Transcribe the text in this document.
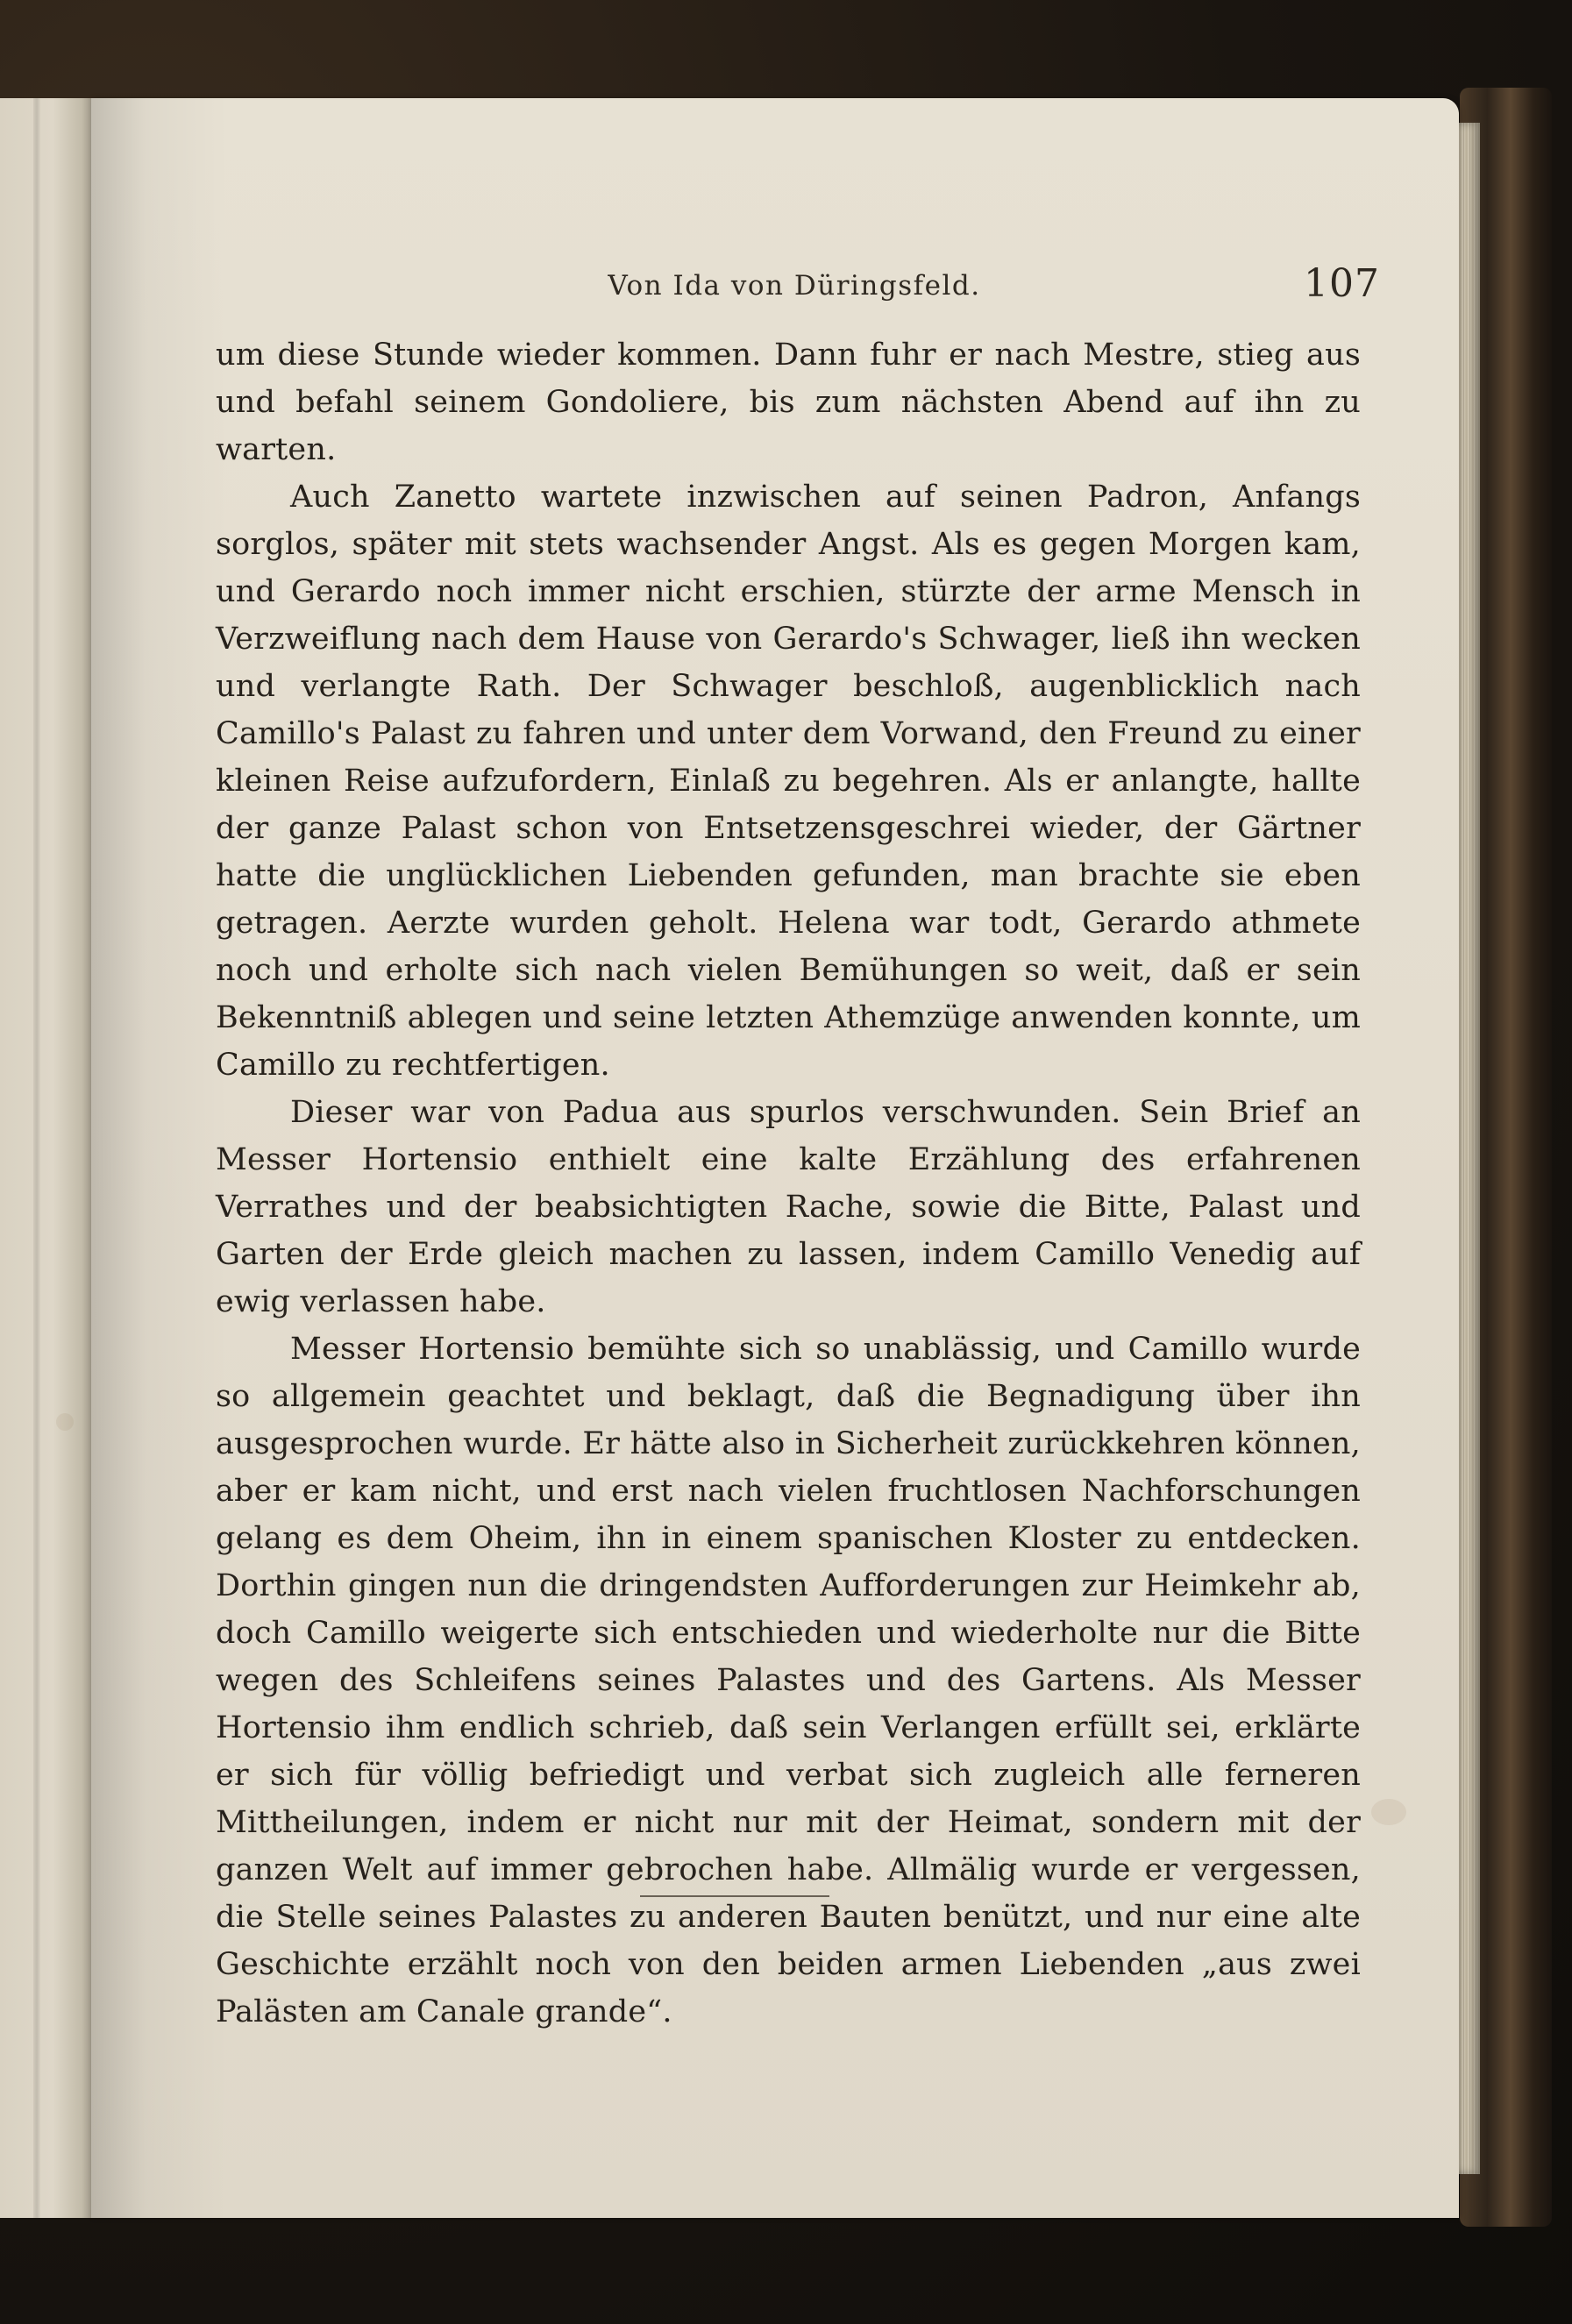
Von Ida von Düringsfeld.	107

um diese Stunde wieder kommen. Dann fuhr er nach Mestre, stieg aus und befahl seinem Gondoliere, bis zum nächsten Abend auf ihn zu warten.

Auch Zanetto wartete inzwischen auf seinen Padron, Anfangs sorglos, später mit stets wachsender Angst. Als es gegen Morgen kam, und Gerardo noch immer nicht erschien, stürzte der arme Mensch in Verzweiflung nach dem Hause von Gerardo's Schwager, ließ ihn wecken und verlangte Rath. Der Schwager beschloß, augenblicklich nach Camillo's Palast zu fahren und unter dem Vorwand, den Freund zu einer kleinen Reise aufzufordern, Einlaß zu begehren. Als er anlangte, hallte der ganze Palast schon von Entsetzensgeschrei wieder, der Gärtner hatte die unglücklichen Liebenden gefunden, man brachte sie eben getragen. Aerzte wurden geholt. Helena war todt, Gerardo athmete noch und erholte sich nach vielen Bemühungen so weit, daß er sein Bekenntniß ablegen und seine letzten Athemzüge anwenden konnte, um Camillo zu rechtfertigen.

Dieser war von Padua aus spurlos verschwunden. Sein Brief an Messer Hortensio enthielt eine kalte Erzählung des erfahrenen Verrathes und der beabsichtigten Rache, sowie die Bitte, Palast und Garten der Erde gleich machen zu lassen, indem Camillo Venedig auf ewig verlassen habe.

Messer Hortensio bemühte sich so unablässig, und Camillo wurde so allgemein geachtet und beklagt, daß die Begnadigung über ihn ausgesprochen wurde. Er hätte also in Sicherheit zurückkehren können, aber er kam nicht, und erst nach vielen fruchtlosen Nachforschungen gelang es dem Oheim, ihn in einem spanischen Kloster zu entdecken. Dorthin gingen nun die dringendsten Aufforderungen zur Heimkehr ab, doch Camillo weigerte sich entschieden und wiederholte nur die Bitte wegen des Schleifens seines Palastes und des Gartens. Als Messer Hortensio ihm endlich schrieb, daß sein Verlangen erfüllt sei, erklärte er sich für völlig befriedigt und verbat sich zugleich alle ferneren Mittheilungen, indem er nicht nur mit der Heimat, sondern mit der ganzen Welt auf immer gebrochen habe. Allmälig wurde er vergessen, die Stelle seines Palastes zu anderen Bauten benützt, und nur eine alte Geschichte erzählt noch von den beiden armen Liebenden „aus zwei Palästen am Canale grande“.
